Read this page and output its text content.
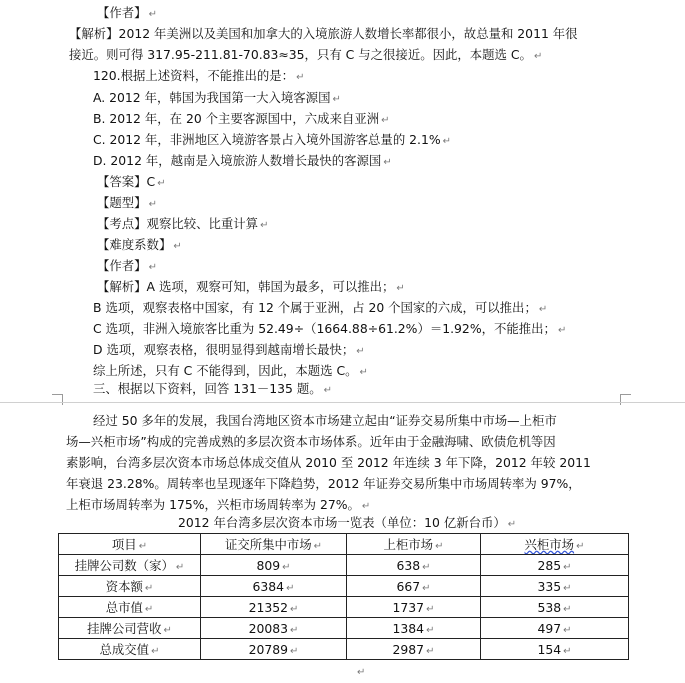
【作者】 ↵
【解析】2012 年美洲以及美国和加拿大的入境旅游人数增长率都很小，故总量和 2011 年很
接近。则可得 317.95-211.81-70.83≈35，只有 C 与之很接近。因此，本题选 C。 ↵
120.根据上述资料，不能推出的是： ↵
A. 2012 年，韩国为我国第一大入境客源国 ↵
B. 2012 年，在 20 个主要客源国中，六成来自亚洲 ↵
C. 2012 年，非洲地区入境游客景占入境外国游客总量的 2.1% ↵
D. 2012 年，越南是入境旅游人数增长最快的客源国 ↵
【答案】C ↵
【题型】 ↵
【考点】观察比较、比重计算 ↵
【难度系数】 ↵
【作者】 ↵
【解析】A 选项，观察可知，韩国为最多，可以推出； ↵
B 选项，观察表格中国家，有 12 个属于亚洲，占 20 个国家的六成，可以推出； ↵
C 选项，非洲入境旅客比重为 52.49÷（1664.88÷61.2%）＝1.92%，不能推出； ↵
D 选项，观察表格，很明显得到越南增长最快； ↵
综上所述，只有 C 不能得到，因此，本题选 C。 ↵
三、根据以下资料，回答 131－135 题。 ↵
经过 50 多年的发展，我国台湾地区资本市场建立起由“证券交易所集中市场—上柜市
场—兴柜市场”构成的完善成熟的多层次资本市场体系。近年由于金融海啸、欧债危机等因
素影响，台湾多层次资本市场总体成交值从 2010 至 2012 年连续 3 年下降，2012 年较 2011
年衰退 23.28%。周转率也呈现逐年下降趋势，2012 年证券交易所集中市场周转率为 97%，
上柜市场周转率为 175%，兴柜市场周转率为 27%。 ↵
2012 年台湾多层次资本市场一览表（单位：10 亿新台币） ↵
项目 ↵	证交所集中市场 ↵	上柜市场 ↵	兴柜市场 ↵
挂牌公司数（家） ↵	809 ↵	638 ↵	285 ↵
资本额 ↵	6384 ↵	667 ↵	335 ↵
总市值 ↵	21352 ↵	1737 ↵	538 ↵
挂牌公司营收 ↵	20083 ↵	1384 ↵	497 ↵
总成交值 ↵	20789 ↵	2987 ↵	154 ↵
↵
